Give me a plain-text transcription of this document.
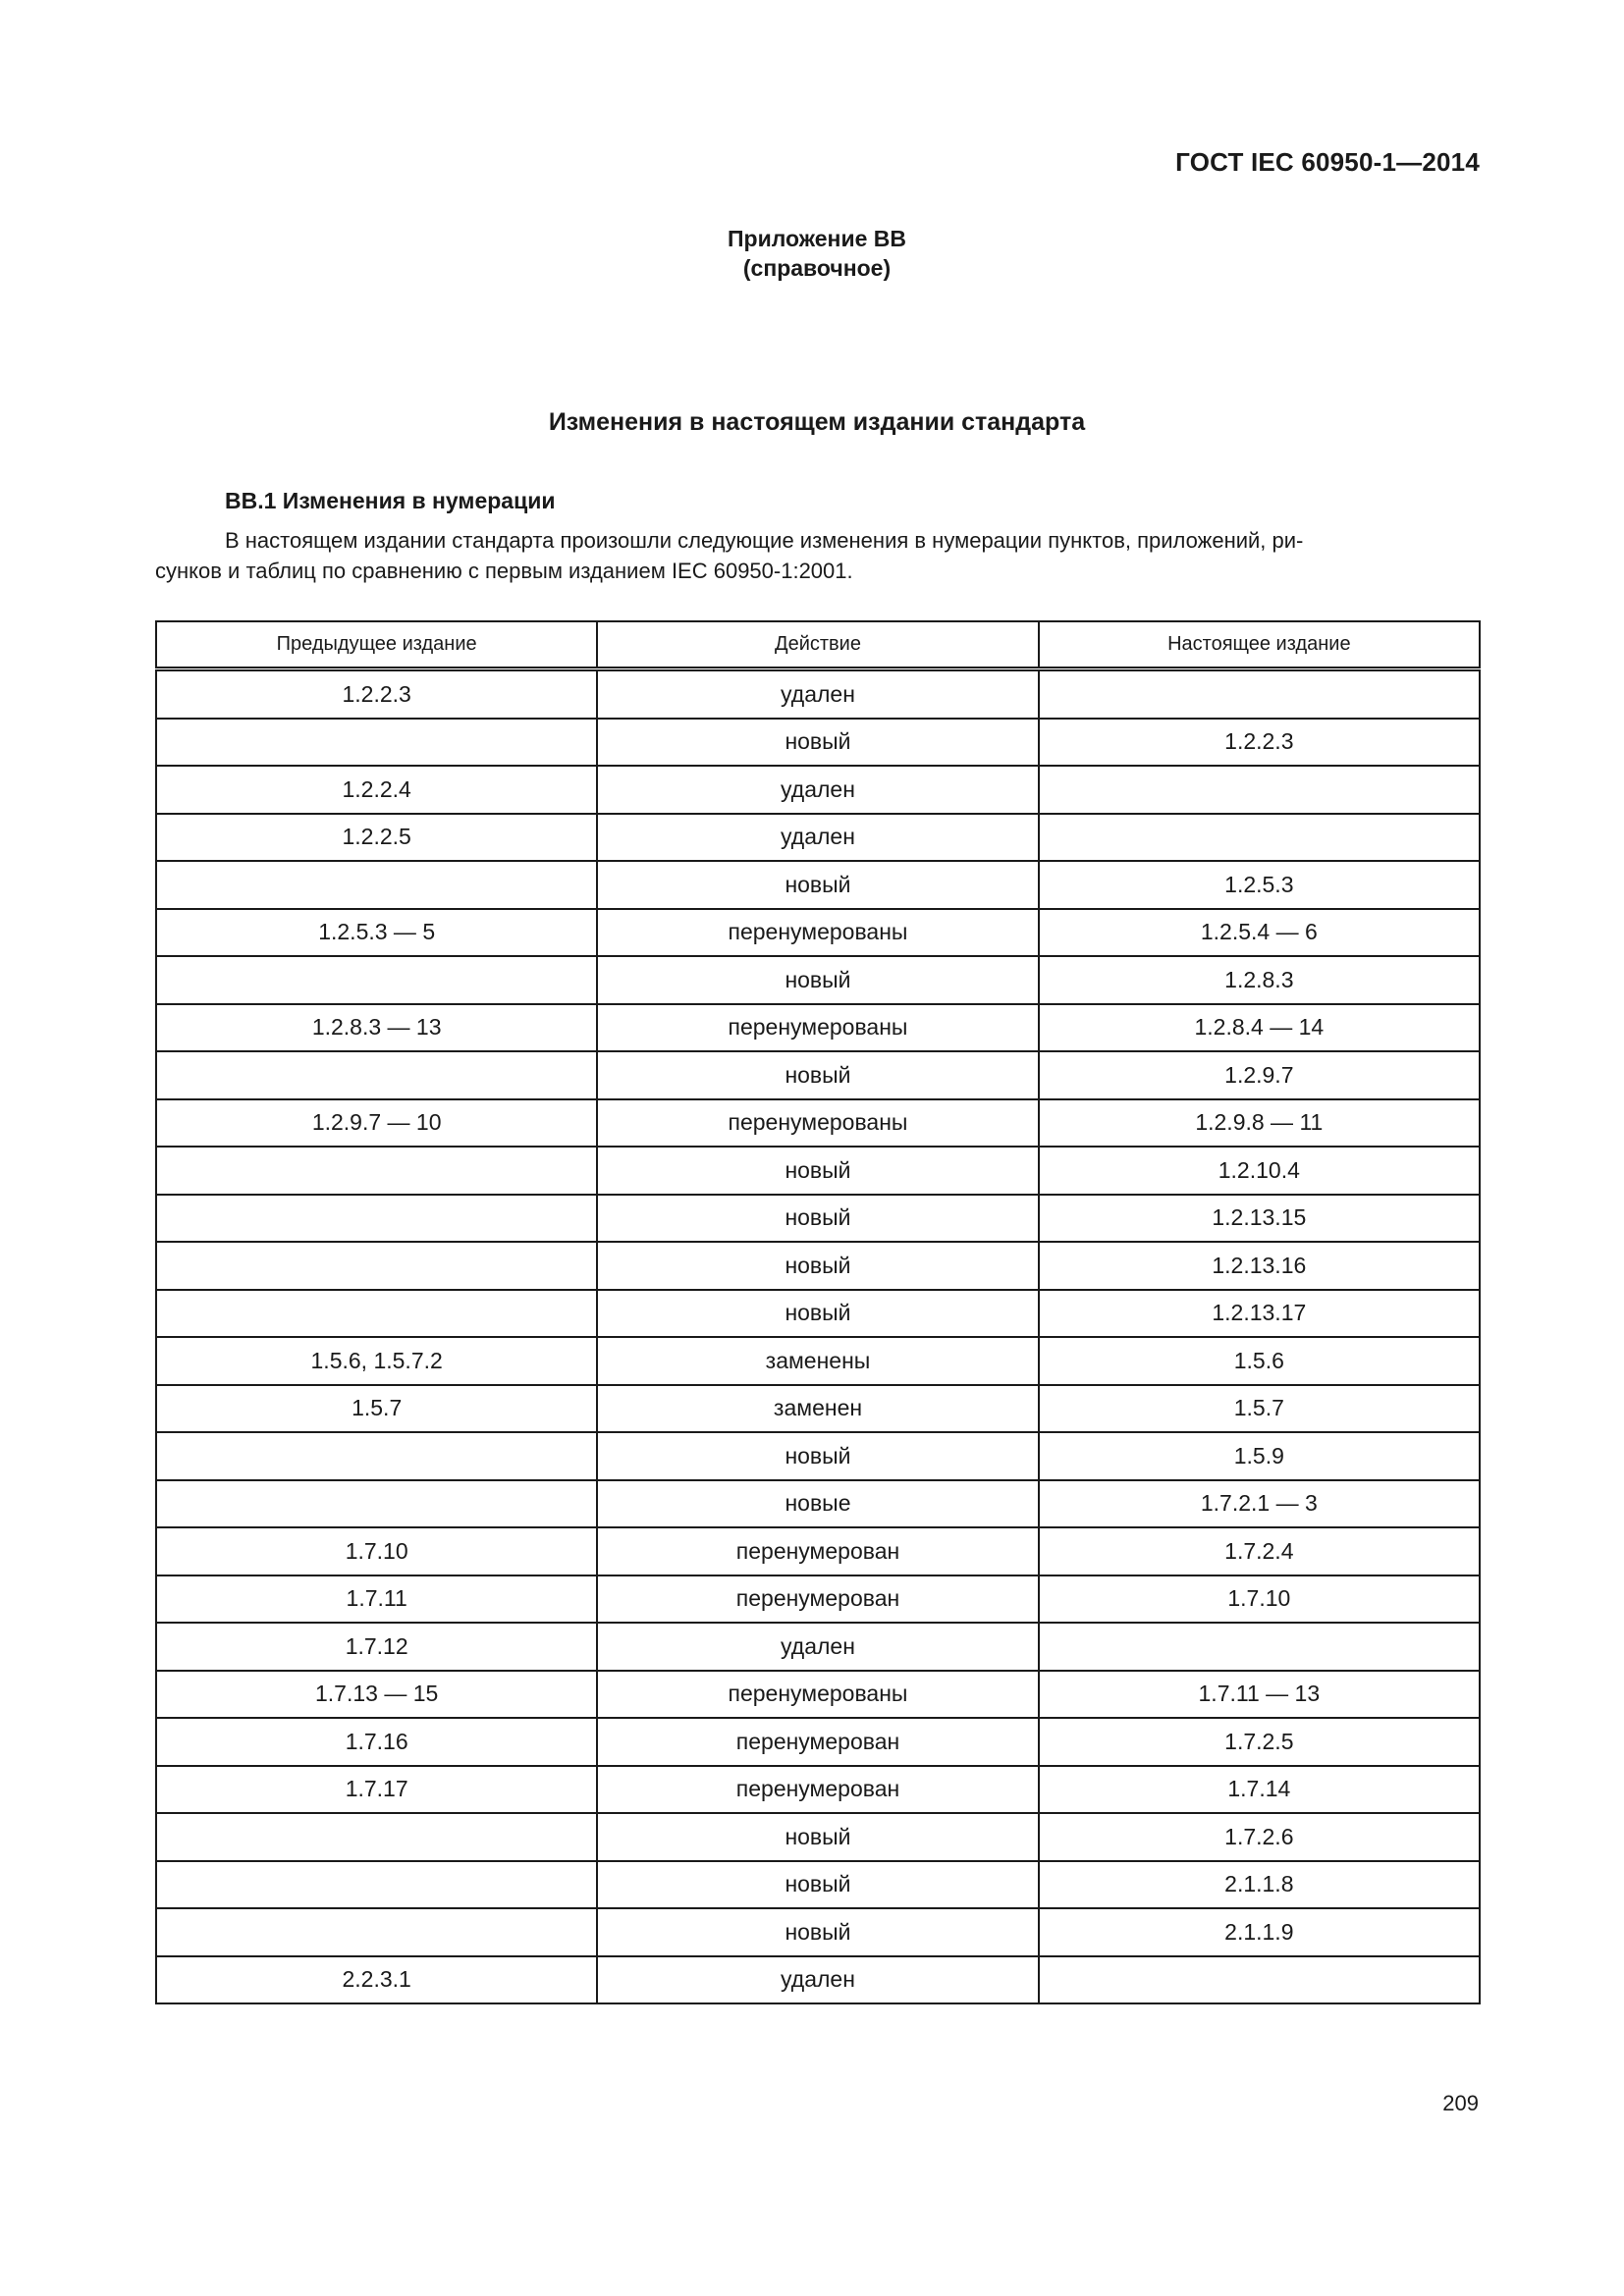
ГОСТ IEC 60950-1—2014
Приложение ВВ
(справочное)
Изменения в настоящем издании стандарта
ВВ.1 Изменения в нумерации
В настоящем издании стандарта произошли следующие изменения в нумерации пунктов, приложений, ри-
сунков и таблиц по сравнению с первым изданием IEC 60950-1:2001.
Предыдущее издание	Действие	Настоящее издание
1.2.2.3	удален	
	новый	1.2.2.3
1.2.2.4	удален	
1.2.2.5	удален	
	новый	1.2.5.3
1.2.5.3 — 5	перенумерованы	1.2.5.4 — 6
	новый	1.2.8.3
1.2.8.3 — 13	перенумерованы	1.2.8.4 — 14
	новый	1.2.9.7
1.2.9.7 — 10	перенумерованы	1.2.9.8 — 11
	новый	1.2.10.4
	новый	1.2.13.15
	новый	1.2.13.16
	новый	1.2.13.17
1.5.6, 1.5.7.2	заменены	1.5.6
1.5.7	заменен	1.5.7
	новый	1.5.9
	новые	1.7.2.1 — 3
1.7.10	перенумерован	1.7.2.4
1.7.11	перенумерован	1.7.10
1.7.12	удален	
1.7.13 — 15	перенумерованы	1.7.11 — 13
1.7.16	перенумерован	1.7.2.5
1.7.17	перенумерован	1.7.14
	новый	1.7.2.6
	новый	2.1.1.8
	новый	2.1.1.9
2.2.3.1	удален	
209
